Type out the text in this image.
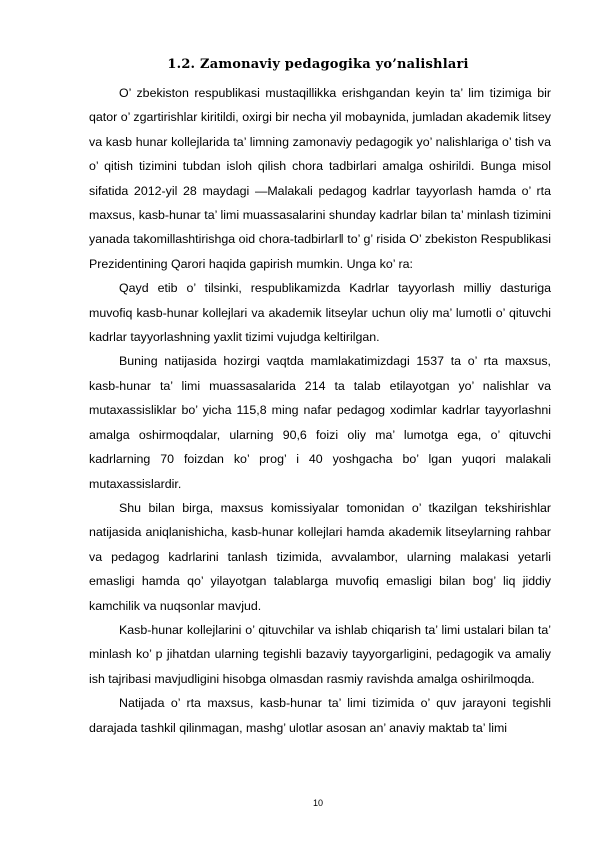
1.2. Zamonaviy pedagogika yo’nalishlari

O’ zbekiston respublikasi mustaqillikka erishgandan keyin ta’ lim tizimiga bir qator o’ zgartirishlar kiritildi, oxirgi bir necha yil mobaynida, jumladan akademik litsey va kasb hunar kollejlarida ta’ limning zamonaviy pedagogik yo’ nalishlariga o’ tish va o’ qitish tizimini tubdan isloh qilish chora tadbirlari amalga oshirildi. Bunga misol sifatida 2012-yil 28 maydagi ―Malakali pedagog kadrlar tayyorlash hamda o’ rta maxsus, kasb-hunar ta’ limi muassasalarini shunday kadrlar bilan ta’ minlash tizimini yanada takomillashtirishga oid chora-tadbirlar‖ to’ g’ risida O’ zbekiston Respublikasi Prezidentining Qarori haqida gapirish mumkin. Unga ko’ ra:

Qayd etib o’ tilsinki, respublikamizda Kadrlar tayyorlash milliy dasturiga muvofiq kasb-hunar kollejlari va akademik litseylar uchun oliy ma’ lumotli o’ qituvchi kadrlar tayyorlashning yaxlit tizimi vujudga keltirilgan.

Buning natijasida hozirgi vaqtda mamlakatimizdagi 1537 ta o’ rta maxsus, kasb-hunar ta’ limi muassasalarida 214 ta talab etilayotgan yo’ nalishlar va mutaxassisliklar bo’ yicha 115,8 ming nafar pedagog xodimlar kadrlar tayyorlashni amalga oshirmoqdalar, ularning 90,6 foizi oliy ma’ lumotga ega, o’ qituvchi kadrlarning 70 foizdan ko’ prog’ i 40 yoshgacha bo’ lgan yuqori malakali mutaxassislardir.

Shu bilan birga, maxsus komissiyalar tomonidan o’ tkazilgan tekshirishlar natijasida aniqlanishicha, kasb-hunar kollejlari hamda akademik litseylarning rahbar va pedagog kadrlarini tanlash tizimida, avvalambor, ularning malakasi yetarli emasligi hamda qo’ yilayotgan talablarga muvofiq emasligi bilan bog’ liq jiddiy kamchilik va nuqsonlar mavjud.

Kasb-hunar kollejlarini o’ qituvchilar va ishlab chiqarish ta’ limi ustalari bilan ta’ minlash ko’ p jihatdan ularning tegishli bazaviy tayyorgarligini, pedagogik va amaliy ish tajribasi mavjudligini hisobga olmasdan rasmiy ravishda amalga oshirilmoqda.

Natijada o’ rta maxsus, kasb-hunar ta’ limi tizimida o’ quv jarayoni tegishli darajada tashkil qilinmagan, mashg’ ulotlar asosan an’ anaviy maktab ta’ limi

10
